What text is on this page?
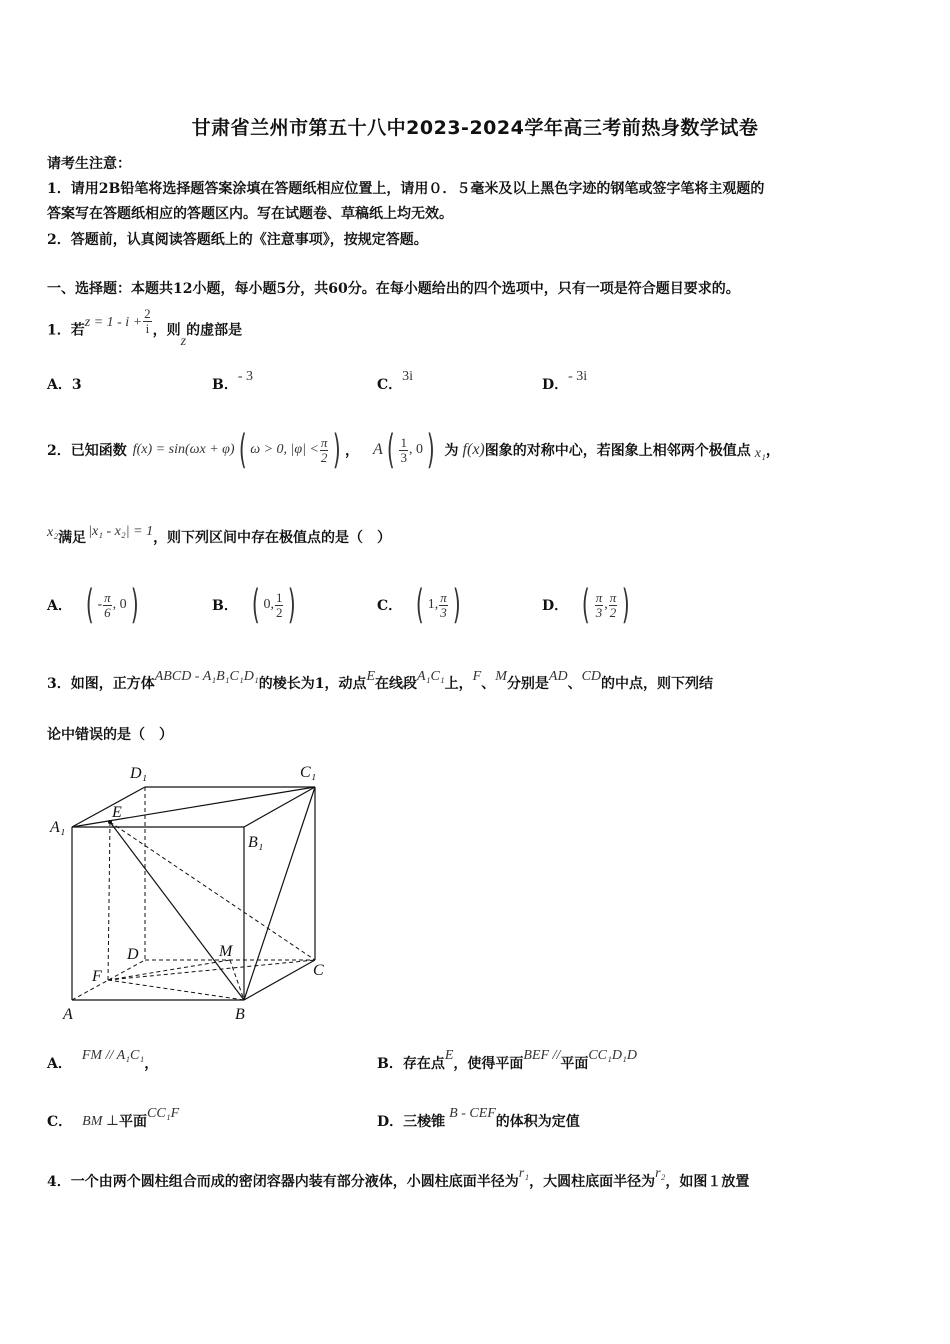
甘肃省兰州市第五十八中2023-2024学年高三考前热身数学试卷
请考生注意：
1．请用2B铅笔将选择题答案涂填在答题纸相应位置上，请用０．５毫米及以上黑色字迹的钢笔或签字笔将主观题的
答案写在答题纸相应的答题区内。写在试题卷、草稿纸上均无效。
2．答题前，认真阅读答题纸上的《注意事项》，按规定答题。
一、选择题：本题共12小题，每小题5分，共60分。在每小题给出的四个选项中，只有一项是符合题目要求的。
1．若$z = 1 - i + \frac{2}{i}$ ，则z的虚部是
A．3	B．- 3
C．3i
D．- 3i
2．已知函数 f(x) = sin(ωx + φ) ( ω > 0, $|\varphi| < \frac{\pi}{2}$ ) ， A ( $\frac{1}{3}$ , 0 ) 为 f(x) 图象的对称中心，若图象上相邻两个极值点 x₁ ，
x₂ 满足 |x₁ - x₂| = 1 ，则下列区间中存在极值点的是（　）
A． ( - $\frac{\pi}{6}$ , 0 )	B． ( 0, $\frac{1}{2}$ )	C． ( 1, $\frac{\pi}{3}$ )	D． ( $\frac{\pi}{3}$ , $\frac{\pi}{2}$ )
3．如图，正方体 ABCD - A₁B₁C₁D₁ 的棱长为1，动点 E 在线段 A₁C₁ 上， F 、 M 分别是 AD 、 CD 的中点，则下列结
论中错误的是（　）
D₁	C₁
A₁
E
B₁
D	M
F	C
A	B
A．
FM // A₁C₁
，	B． 存在点
E
，使得平面
BEF //
平面
CC₁D₁D
C． BM ⊥ 平面
CC₁F
D． 三棱锥
B - CEF
的体积为定值
4．一个由两个圆柱组合而成的密闭容器内装有部分液体，小圆柱底面半径为
r₁
，大圆柱底面半径为
r₂
，如图１放置
